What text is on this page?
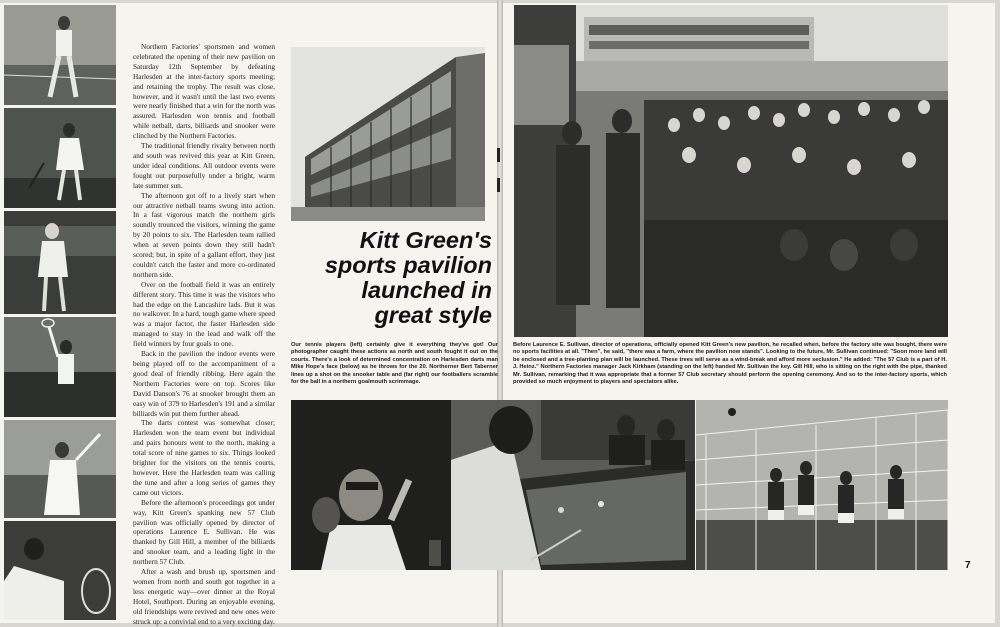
Northern Factories' sportsmen and women celebrated the opening of their new pavilion on Saturday 12th September by defeating Harlesden at the inter-factory sports meeting; and retaining the trophy. The result was close, however, and it wasn't until the last two events were nearly finished that a win for the north was assured. Harlesden won tennis and football while netball, darts, billiards and snooker were clinched by the Northern Factories.

The traditional friendly rivalry between north and south was revived this year at Kitt Green, under ideal conditions. All outdoor events were fought out purposefully under a bright, warm late summer sun.

The afternoon got off to a lively start when our attractive netball teams swung into action. In a fast vigorous match the northern girls soundly trounced the visitors, winning the game by 20 points to six. The Harlesden team rallied when at seven points down they still hadn't scored; but, in spite of a gallant effort, they just couldn't catch the faster and more co-ordinated northern side.

Over on the football field it was an entirely different story. This time it was the visitors who had the edge on the Lancashire lads. But it was no walkover. In a hard, tough game where speed was a major factor, the faster Harlesden side managed to stay in the lead and walk off the field winners by four goals to one.

Back in the pavilion the indoor events were being played off to the accompaniment of a good deal of friendly ribbing. Here again the Northern Factories were on top. Scores like David Danson's 76 at snooker brought them an easy win of 379 to Harlesden's 191 and a similar billiards win put them further ahead.

The darts contest was somewhat closer; Harlesden won the team event but individual and pairs honours went to the north, making a total score of nine games to six. Things looked brighter for the visitors on the tennis courts, however. Here the Harlesden team was calling the tune and after a long series of games they came out victors.

Before the afternoon's proceedings got under way, Kitt Green's spanking new 57 Club pavilion was officially opened by director of operations Laurence E. Sullivan. He was thanked by Gill Hill, a member of the billiards and snooker team, and a leading light in the northern 57 Club.

After a wash and brush up, sportsmen and women from north and south got together in a less energetic way—over dinner at the Royal Hotel, Southport. During an enjoyable evening, old friendships were revived and new ones were struck up: a convivial end to a very exciting day.

Kitt Green's
sports pavilion
launched in
great style
Our tennis players (left) certainly give it everything they've got! Our photographer caught these actions as north and south fought it out on the courts. There's a look of determined concentration on Harlesden darts man Mike Hope's face (below) as he throws for the 20. Northerner Bert Taberner lines up a shot on the snooker table and (far right) our footballers scramble for the ball in a northern goalmouth scrimmage.
Before Laurence E. Sullivan, director of operations, officially opened Kitt Green's new pavilion, he recalled when, before the factory site was bought, there were no sports facilities at all. "Then", he said, "there was a farm, where the pavilion now stands". Looking to the future, Mr. Sullivan continued: "Soon more land will be enclosed and a tree-planting plan will be launched. These trees will serve as a wind-break and afford more seclusion." He added: "The 57 Club is a part of H. J. Heinz." Northern Factories manager Jack Kirkham (standing on the left) handed Mr. Sullivan the key. Gill Hill, who is sitting on the right with the pipe, thanked Mr. Sullivan, remarking that it was appropriate that a former 57 Club secretary should perform the opening ceremony. And so to the inter-factory sports, which provided so much enjoyment to players and spectators alike.
7
